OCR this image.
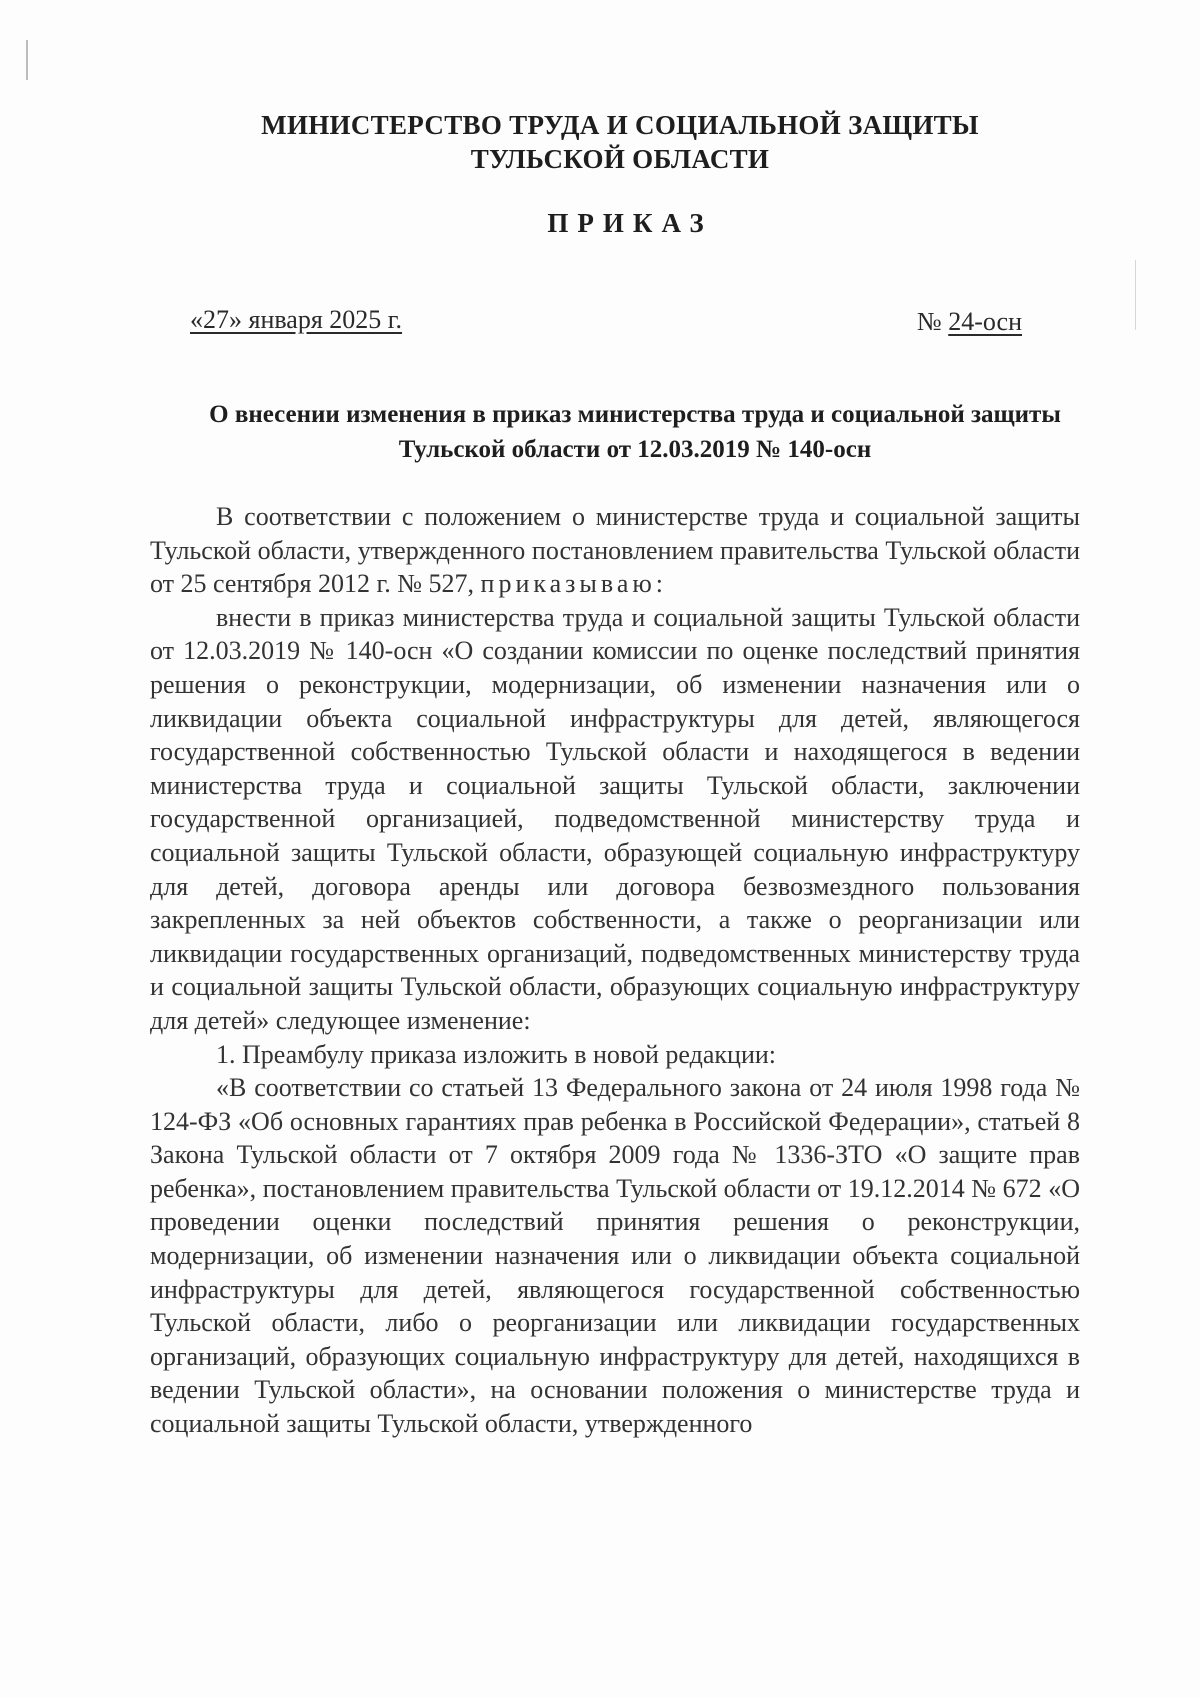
МИНИСТЕРСТВО ТРУДА И СОЦИАЛЬНОЙ ЗАЩИТЫ
ТУЛЬСКОЙ ОБЛАСТИ
ПРИКАЗ
«27» января 2025 г.	№ 24-осн
О внесении изменения в приказ министерства труда и социальной защиты
Тульской области от 12.03.2019 № 140-осн

В соответствии с положением о министерстве труда и социальной защиты Тульской области, утвержденного постановлением правительства Тульской области от 25 сентября 2012 г. № 527, приказываю:

внести в приказ министерства труда и социальной защиты Тульской области от 12.03.2019 № 140-осн «О создании комиссии по оценке последствий принятия решения о реконструкции, модернизации, об изменении назначения или о ликвидации объекта социальной инфраструктуры для детей, являющегося государственной собственностью Тульской области и находящегося в ведении министерства труда и социальной защиты Тульской области, заключении государственной организацией, подведомственной министерству труда и социальной защиты Тульской области, образующей социальную инфраструктуру для детей, договора аренды или договора безвозмездного пользования закрепленных за ней объектов собственности, а также о реорганизации или ликвидации государственных организаций, подведомственных министерству труда и социальной защиты Тульской области, образующих социальную инфраструктуру для детей» следующее изменение:

1. Преамбулу приказа изложить в новой редакции:

«В соответствии со статьей 13 Федерального закона от 24 июля 1998 года № 124-ФЗ «Об основных гарантиях прав ребенка в Российской Федерации», статьей 8 Закона Тульской области от 7 октября 2009 года № 1336-ЗТО «О защите прав ребенка», постановлением правительства Тульской области от 19.12.2014 № 672 «О проведении оценки последствий принятия решения о реконструкции, модернизации, об изменении назначения или о ликвидации объекта социальной инфраструктуры для детей, являющегося государственной собственностью Тульской области, либо о реорганизации или ликвидации государственных организаций, образующих социальную инфраструктуру для детей, находящихся в ведении Тульской области», на основании положения о министерстве труда и социальной защиты Тульской области, утвержденного
